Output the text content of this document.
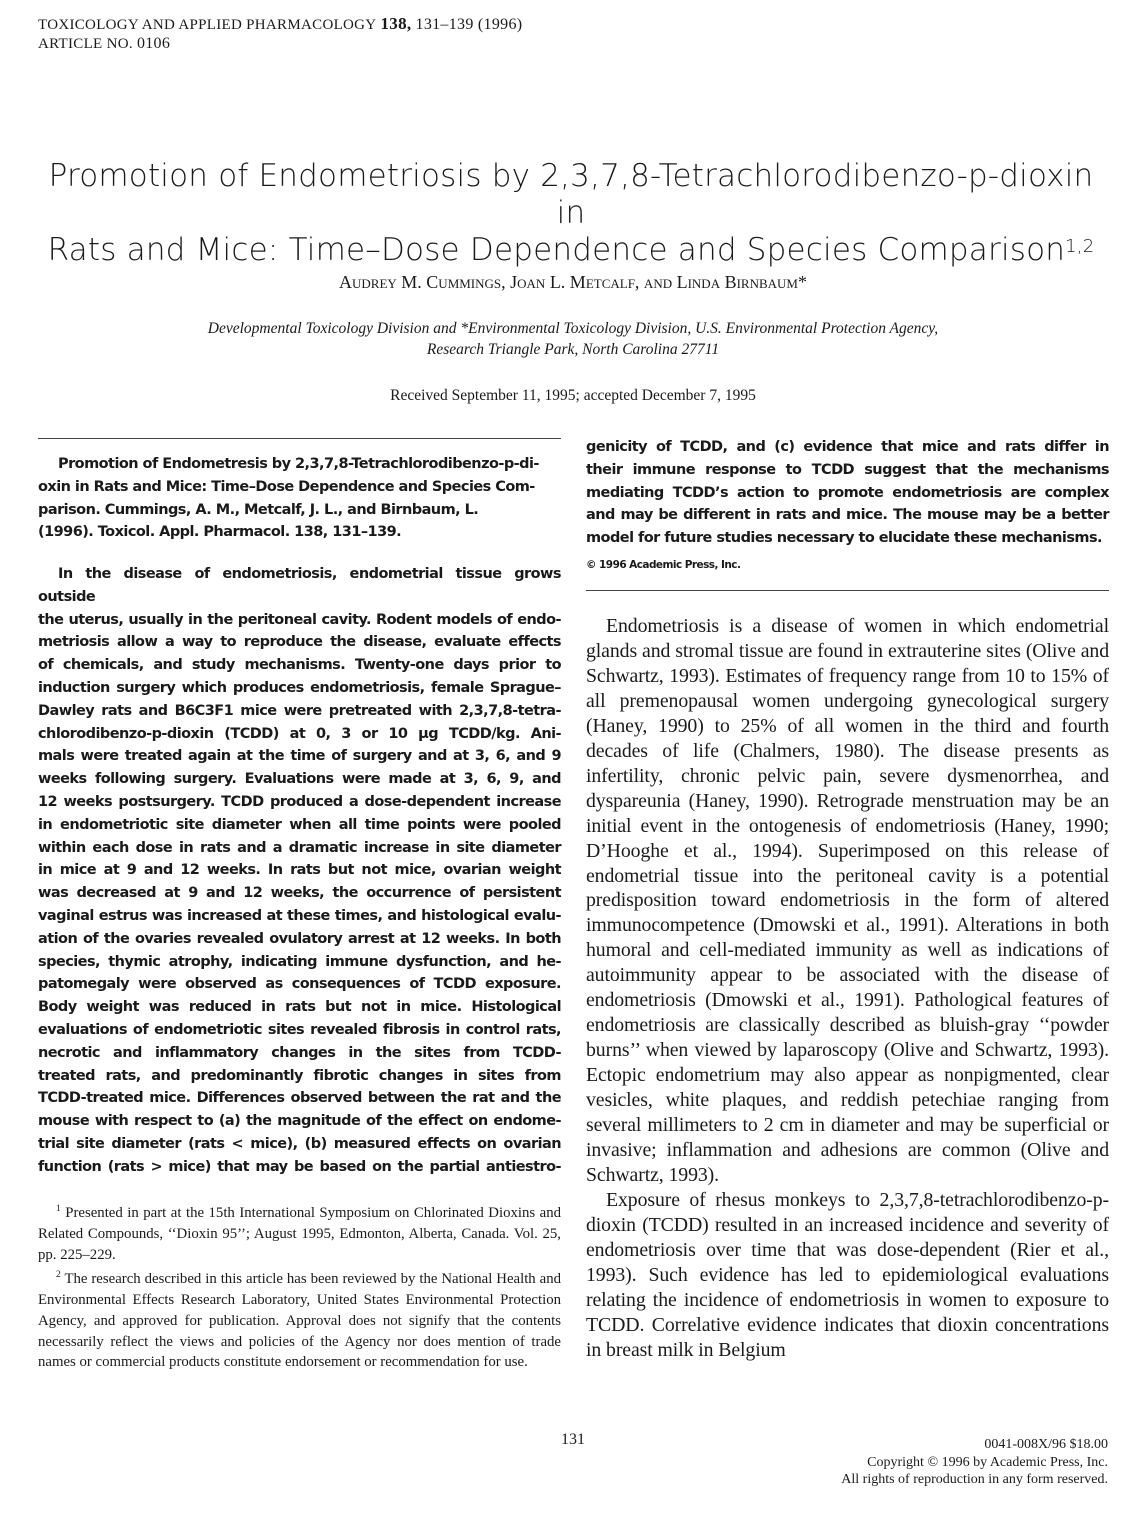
TOXICOLOGY AND APPLIED PHARMACOLOGY 138, 131–139 (1996)
ARTICLE NO. 0106
Promotion of Endometriosis by 2,3,7,8-Tetrachlorodibenzo-p-dioxin in
Rats and Mice: Time–Dose Dependence and Species Comparison$^{1,2}$
Audrey M. Cummings, Joan L. Metcalf, and Linda Birnbaum*
Developmental Toxicology Division and *Environmental Toxicology Division, U.S. Environmental Protection Agency,
Research Triangle Park, North Carolina 27711
Received September 11, 1995; accepted December 7, 1995
Promotion of Endometresis by 2,3,7,8-Tetrachlorodibenzo-p-di-
oxin in Rats and Mice: Time–Dose Dependence and Species Com-
parison. Cummings, A. M., Metcalf, J. L., and Birnbaum, L.
(1996). Toxicol. Appl. Pharmacol. 138, 131–139.
In the disease of endometriosis, endometrial tissue grows outside
the uterus, usually in the peritoneal cavity. Rodent models of endo-
metriosis allow a way to reproduce the disease, evaluate effects
of chemicals, and study mechanisms. Twenty-one days prior to
induction surgery which produces endometriosis, female Sprague–
Dawley rats and B6C3F1 mice were pretreated with 2,3,7,8-tetra-
chlorodibenzo-p-dioxin (TCDD) at 0, 3 or 10 μg TCDD/kg. Ani-
mals were treated again at the time of surgery and at 3, 6, and 9
weeks following surgery. Evaluations were made at 3, 6, 9, and
12 weeks postsurgery. TCDD produced a dose-dependent increase
in endometriotic site diameter when all time points were pooled
within each dose in rats and a dramatic increase in site diameter
in mice at 9 and 12 weeks. In rats but not mice, ovarian weight
was decreased at 9 and 12 weeks, the occurrence of persistent
vaginal estrus was increased at these times, and histological evalu-
ation of the ovaries revealed ovulatory arrest at 12 weeks. In both
species, thymic atrophy, indicating immune dysfunction, and he-
patomegaly were observed as consequences of TCDD exposure.
Body weight was reduced in rats but not in mice. Histological
evaluations of endometriotic sites revealed fibrosis in control rats,
necrotic and inflammatory changes in the sites from TCDD-
treated rats, and predominantly fibrotic changes in sites from
TCDD-treated mice. Differences observed between the rat and the
mouse with respect to (a) the magnitude of the effect on endome-
trial site diameter (rats < mice), (b) measured effects on ovarian
function (rats > mice) that may be based on the partial antiestro-

$^1$ Presented in part at the 15th International Symposium on Chlorinated Dioxins and Related Compounds, ‘‘Dioxin 95’’; August 1995, Edmonton, Alberta, Canada. Vol. 25, pp. 225–229.

$^2$ The research described in this article has been reviewed by the National Health and Environmental Effects Research Laboratory, United States Environmental Protection Agency, and approved for publication. Approval does not signify that the contents necessarily reflect the views and policies of the Agency nor does mention of trade names or commercial products constitute endorsement or recommendation for use.

genicity of TCDD, and (c) evidence that mice and rats differ in
their immune response to TCDD suggest that the mechanisms
mediating TCDD’s action to promote endometriosis are complex
and may be different in rats and mice. The mouse may be a better
model for future studies necessary to elucidate these mechanisms.
© 1996 Academic Press, Inc.

Endometriosis is a disease of women in which endometrial glands and stromal tissue are found in extrauterine sites (Olive and Schwartz, 1993). Estimates of frequency range from 10 to 15% of all premenopausal women undergoing gynecological surgery (Haney, 1990) to 25% of all women in the third and fourth decades of life (Chalmers, 1980). The disease presents as infertility, chronic pelvic pain, severe dysmenorrhea, and dyspareunia (Haney, 1990). Retrograde menstruation may be an initial event in the ontogenesis of endometriosis (Haney, 1990; D’Hooghe et al., 1994). Superimposed on this release of endometrial tissue into the peritoneal cavity is a potential predisposition toward endometriosis in the form of altered immunocompetence (Dmowski et al., 1991). Alterations in both humoral and cell-mediated immunity as well as indications of autoimmunity appear to be associated with the disease of endometriosis (Dmowski et al., 1991). Pathological features of endometriosis are classically described as bluish-gray ‘‘powder burns’’ when viewed by laparoscopy (Olive and Schwartz, 1993). Ectopic endometrium may also appear as nonpigmented, clear vesicles, white plaques, and reddish petechiae ranging from several millimeters to 2 cm in diameter and may be superficial or invasive; inflammation and adhesions are common (Olive and Schwartz, 1993).

Exposure of rhesus monkeys to 2,3,7,8-tetrachlorodibenzo-p-dioxin (TCDD) resulted in an increased incidence and severity of endometriosis over time that was dose-dependent (Rier et al., 1993). Such evidence has led to epidemiological evaluations relating the incidence of endometriosis in women to exposure to TCDD. Correlative evidence indicates that dioxin concentrations in breast milk in Belgium

131	0041-008X/96 $18.00
Copyright © 1996 by Academic Press, Inc.
All rights of reproduction in any form reserved.
